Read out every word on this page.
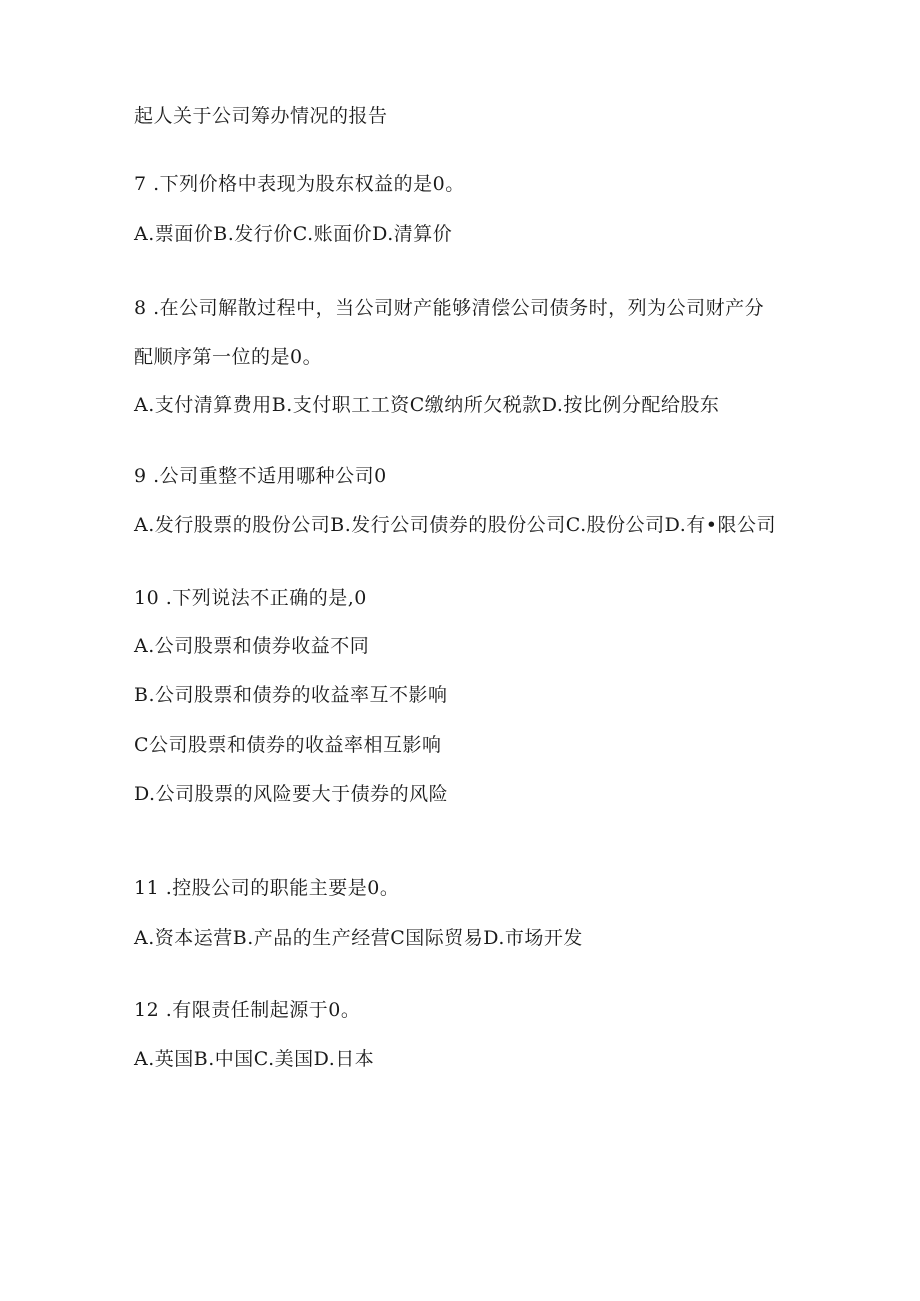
起人关于公司筹办情况的报告
7 .下列价格中表现为股东权益的是0。
A.票面价B.发行价C.账面价D.清算价
8 .在公司解散过程中，当公司财产能够清偿公司债务时，列为公司财产分
配顺序第一位的是0。
A.支付清算费用B.支付职工工资C缴纳所欠税款D.按比例分配给股东
9 .公司重整不适用哪种公司0
A.发行股票的股份公司B.发行公司债券的股份公司C.股份公司D.有•限公司
10 .下列说法不正确的是,0
A.公司股票和债券收益不同
B.公司股票和债券的收益率互不影响
C公司股票和债券的收益率相互影响
D.公司股票的风险要大于债券的风险
11 .控股公司的职能主要是0。
A.资本运营B.产品的生产经营C国际贸易D.市场开发
12 .有限责任制起源于0。
A.英国B.中国C.美国D.日本
